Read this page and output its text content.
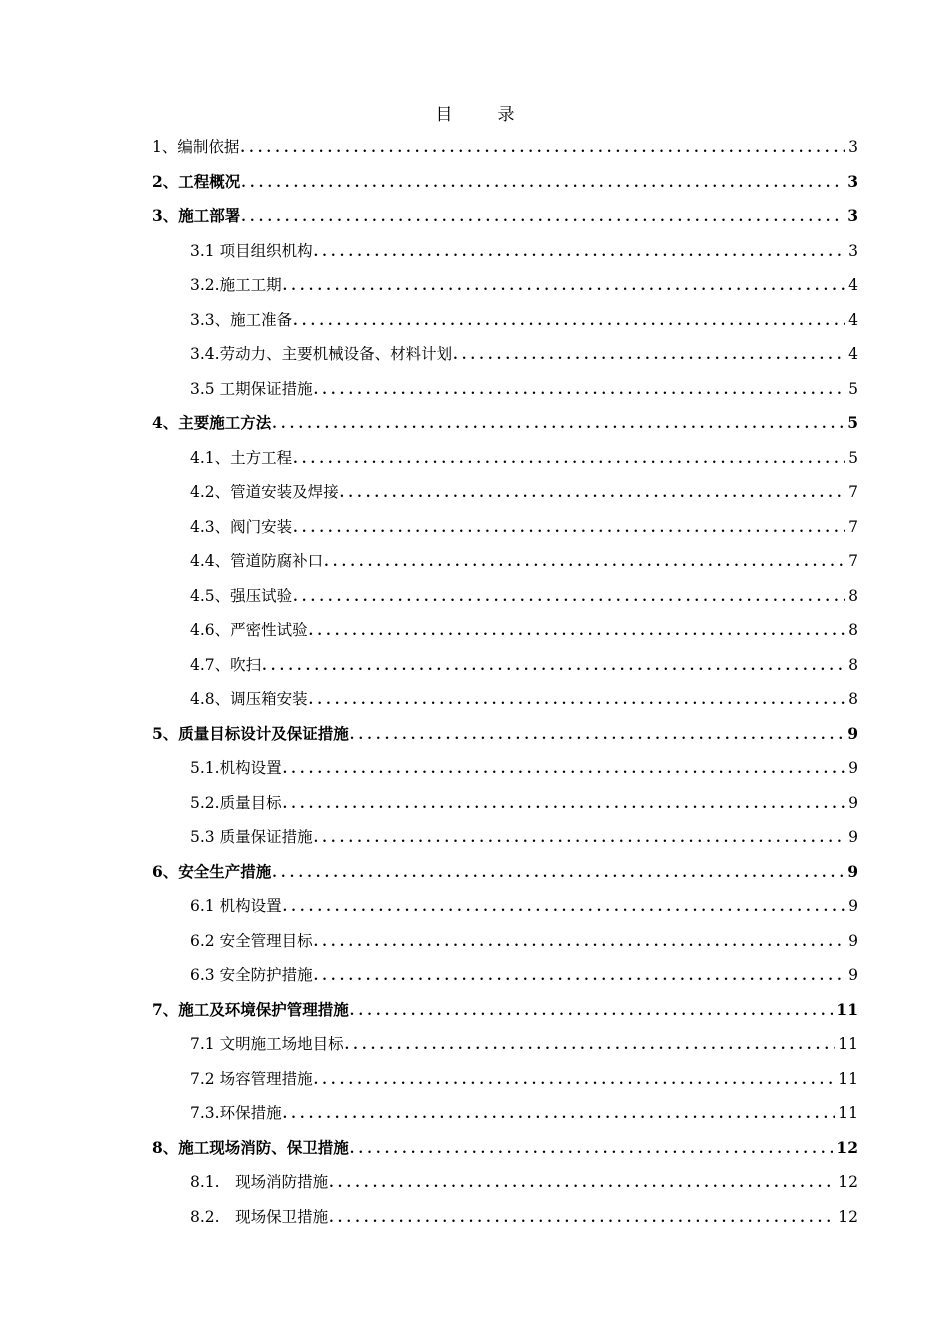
目　录
1、编制依据 .....	3
2、工程概况 .....	3
3、施工部署 .....	3
3.1 项目组织机构 .....	3
3.2.施工工期 .....	4
3.3、施工准备 .....	4
3.4.劳动力、主要机械设备、材料计划 .....	4
3.5 工期保证措施 .....	5
4、主要施工方法 .....	5
4.1、土方工程 .....	5
4.2、管道安装及焊接 .....	7
4.3、阀门安装 .....	7
4.4、管道防腐补口 .....	7
4.5、强压试验 .....	8
4.6、严密性试验 .....	8
4.7、吹扫 .....	8
4.8、调压箱安装 .....	8
5、质量目标设计及保证措施 .....	9
5.1.机构设置 .....	9
5.2.质量目标 .....	9
5.3 质量保证措施 .....	9
6、安全生产措施 .....	9
6.1 机构设置 .....	9
6.2 安全管理目标 .....	9
6.3 安全防护措施 .....	9
7、施工及环境保护管理措施 .....	11
7.1 文明施工场地目标 .....	11
7.2 场容管理措施 .....	11
7.3.环保措施 .....	11
8、施工现场消防、保卫措施 .....	12
8.1.　现场消防措施 .....	12
8.2.　现场保卫措施 .....	12
